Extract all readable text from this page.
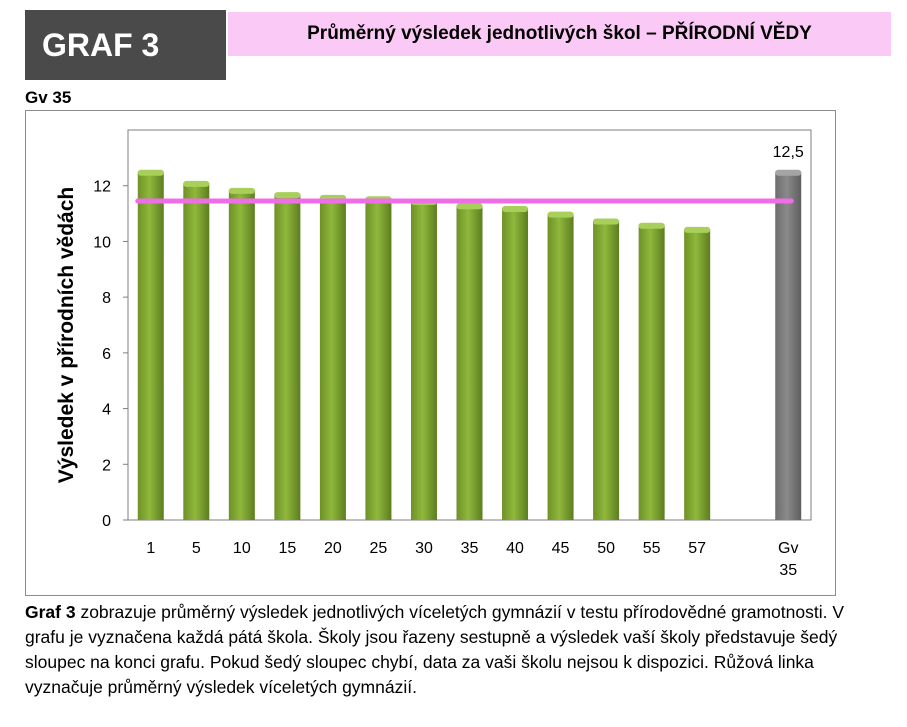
GRAF 3	Průměrný výsledek jednotlivých škol – PŘÍRODNÍ VĚDY
Gv 35
0
2
4
6
8
10
12
Výsledek v přírodních vědách
1 5 10 15 20 25 30 35 40 45 50 55 57	Gv
35
12,5
Graf 3 zobrazuje průměrný výsledek jednotlivých víceletých gymnázií v testu přírodovědné gramotnosti. V grafu je vyznačena každá pátá škola. Školy jsou řazeny sestupně a výsledek vaší školy představuje šedý sloupec na konci grafu. Pokud šedý sloupec chybí, data za vaši školu nejsou k dispozici. Růžová linka vyznačuje průměrný výsledek víceletých gymnázií.
